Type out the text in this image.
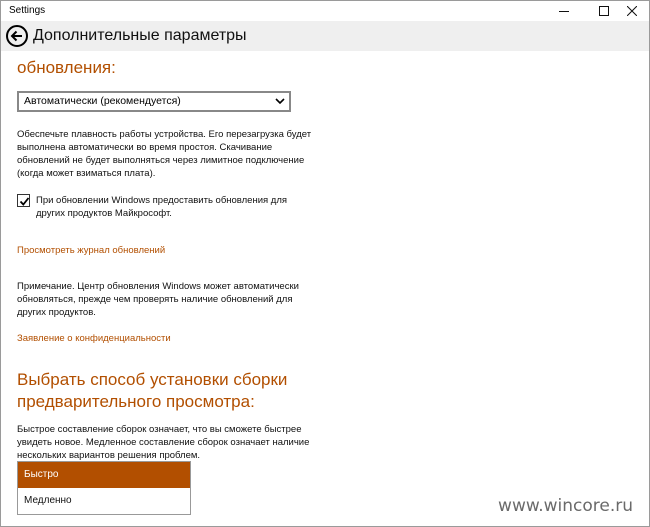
Settings
Дополнительные параметры
обновления:
Автоматически (рекомендуется)
Обеспечьте плавность работы устройства. Его перезагрузка будет
выполнена автоматически во время простоя. Скачивание
обновлений не будет выполняться через лимитное подключение
(когда может взиматься плата).
При обновлении Windows предоставить обновления для
других продуктов Майкрософт.
Просмотреть журнал обновлений
Примечание. Центр обновления Windows может автоматически
обновляться, прежде чем проверять наличие обновлений для
других продуктов.
Заявление о конфиденциальности
Выбрать способ установки сборки
предварительного просмотра:
Быстрое составление сборок означает, что вы сможете быстрее
увидеть новое. Медленное составление сборок означает наличие
нескольких вариантов решения проблем.
Быстро
Медленно	www.wincore.ru
